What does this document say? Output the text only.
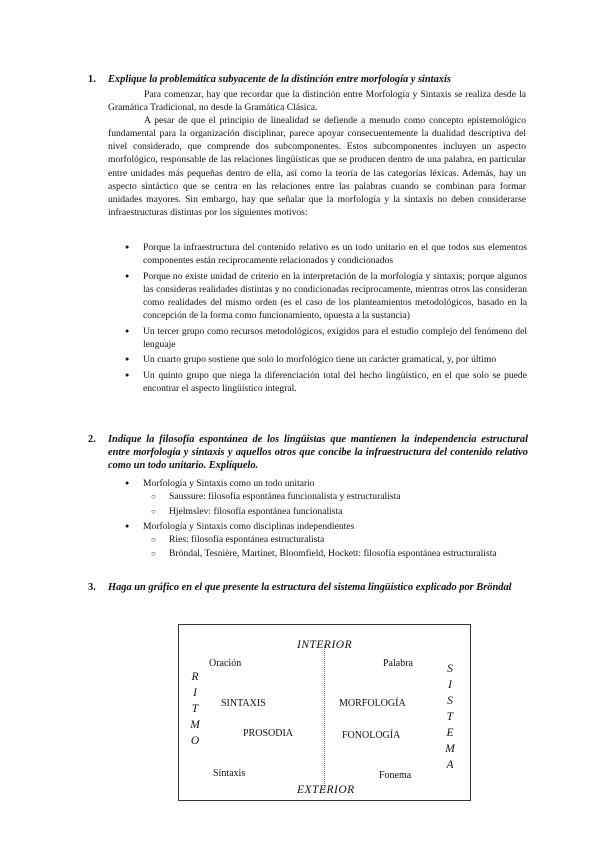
1.	Explique la problemática subyacente de la distinción entre morfología y sintaxis

Para comenzar, hay que recordar que la distinción entre Morfología y Sintaxis se realiza desde la Gramática Tradicional, no desde la Gramática Clásica.

A pesar de que el principio de linealidad se defiende a menudo como concepto epistemológico fundamental para la organización disciplinar, parece apoyar consecuentemente la dualidad descriptiva del nivel considerado, que comprende dos subcomponentes. Estos subcomponentes incluyen un aspecto morfológico, responsable de las relaciones lingüísticas que se producen dentro de una palabra, en particular entre unidades más pequeñas dentro de ella, así como la teoría de las categorías léxicas. Además, hay un aspecto sintáctico que se centra en las relaciones entre las palabras cuando se combinan para formar unidades mayores. Sin embargo, hay que señalar que la morfología y la sintaxis no deben considerarse infraestructuras distintas por los siguientes motivos:

● Porque la infraestructura del contenido relativo es un todo unitario en el que todos sus elementos componentes están recíprocamente relacionados y condicionados
● Porque no existe unidad de criterio en la interpretación de la morfología y sintaxis; porque algunos las consideras realidades distintas y no condicionadas recíprocamente, mientras otros las consideran como realidades del mismo orden (es el caso de los planteamientos metodológicos, basado en la concepción de la forma como funcionamiento, opuesta a la sustancia)
● Un tercer grupo como recursos metodológicos, exigidos para el estudio complejo del fenómeno del lenguaje
● Un cuarto grupo sostiene que solo lo morfológico tiene un carácter gramatical, y, por último
● Un quinto grupo que niega la diferenciación total del hecho lingüístico, en el que solo se puede encontrar el aspecto lingüístico integral.
2.	Indique la filosofía espontánea de los lingüistas que mantienen la independencia estructural entre morfología y sintaxis y aquellos otros que concibe la infraestructura del contenido relativo como un todo unitario. Explíquelo.
● Morfología y Sintaxis como un todo unitario
○ Saussure: filosofía espontánea funcionalista y estructuralista
○ Hjelmslev: filosofía espontánea funcionalista
● Morfología y Sintaxis como disciplinas independientes
○ Ries: filosofía espontánea estructuralista
○ Bröndal, Tesnière, Martinet, Bloomfield, Hockett: filosofía espontánea estructuralista
3.	Haga un gráfico en el que presente la estructura del sistema lingüístico explicado por Bröndal
INTERIOR
EXTERIOR
R
I
T
M
O
S
I
S
T
E
M
A
Oración	Palabra
SINTAXIS	MORFOLOGÍA
PROSODIA	FONOLOGÍA
Sintaxis	Fonema
